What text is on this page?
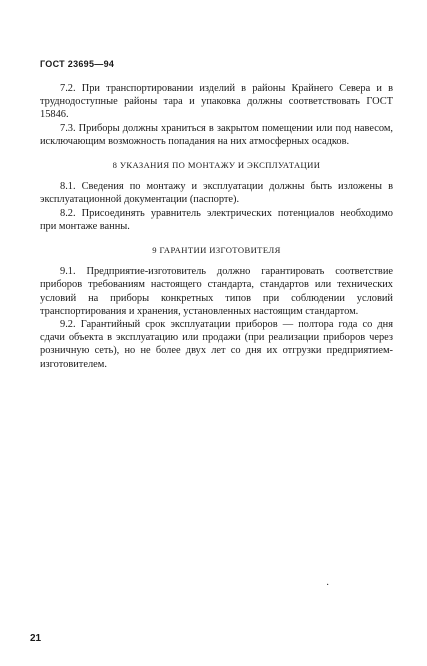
ГОСТ 23695—94

7.2. При транспортировании изделий в районы Крайнего Севера и в труднодоступные районы тара и упаковка должны соответствовать ГОСТ 15846.

7.3. Приборы должны храниться в закрытом помещении или под навесом, исключающим возможность попадания на них атмосферных осадков.

8 УКАЗАНИЯ ПО МОНТАЖУ И ЭКСПЛУАТАЦИИ

8.1. Сведения по монтажу и эксплуатации должны быть изложены в эксплуатационной документации (паспорте).

8.2. Присоединять уравнитель электрических потенциалов необходимо при монтаже ванны.

9 ГАРАНТИИ ИЗГОТОВИТЕЛЯ

9.1. Предприятие-изготовитель должно гарантировать соответствие приборов требованиям настоящего стандарта, стандартов или технических условий на приборы конкретных типов при соблюдении условий транспортирования и хранения, установленных настоящим стандартом.

9.2. Гарантийный срок эксплуатации приборов — полтора года со дня сдачи объекта в эксплуатацию или продажи (при реализации приборов через розничную сеть), но не более двух лет со дня их отгрузки предприятием-изготовителем.

·
21
